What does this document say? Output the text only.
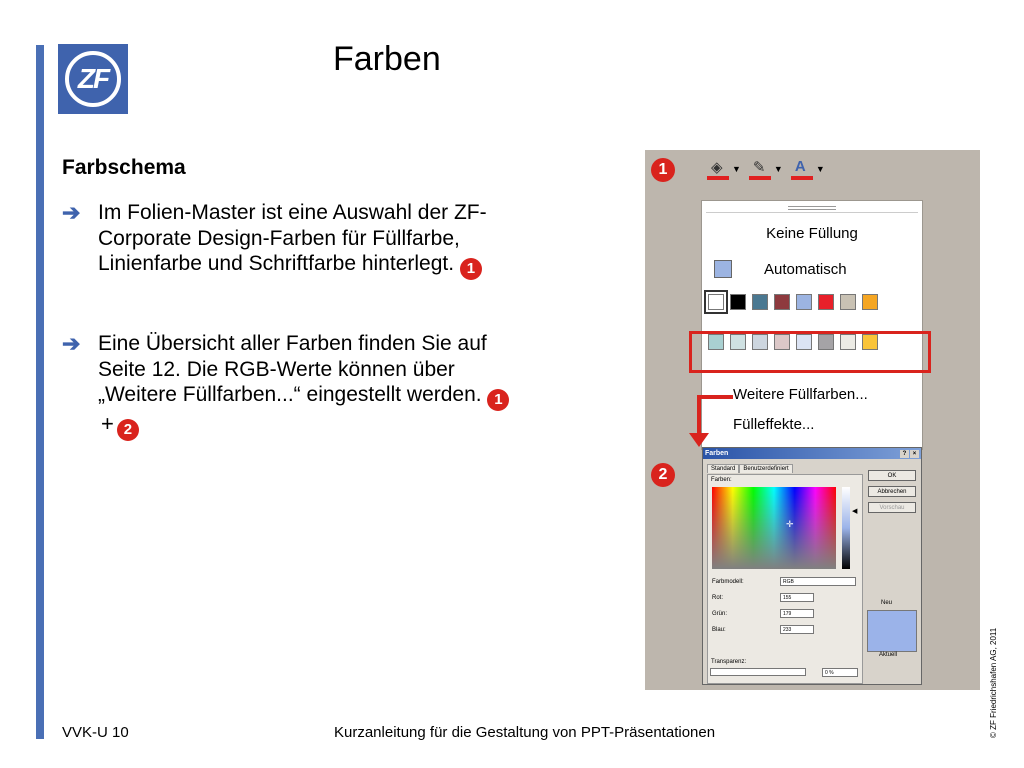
ZF
Farben
Farbschema
➔ Im Folien-Master ist eine Auswahl der ZF-Corporate Design-Farben für Füllfarbe, Linienfarbe und Schriftfarbe hinterlegt. 1
➔ Eine Übersicht aller Farben finden Sie auf Seite 12. Die RGB-Werte können über „Weitere Füllfarben...“ eingestellt werden. 1+ 2
1
2
◈ ▼ ✎ ▼ A ▼
Keine Füllung
Automatisch
Weitere Füllfarben...
Fülleffekte...
Farben	?	×
Standard	Benutzerdefiniert
Farben:
✛
◀
Farbmodell:	RGB
Rot:	155
Grün:	179
Blau:	233
Transparenz:
0 %
OK
Abbrechen
Vorschau
Neu
Aktuell	© ZF Friedrichshafen AG, 2011
VVK-U 10	Kurzanleitung für die Gestaltung von PPT-Präsentationen
